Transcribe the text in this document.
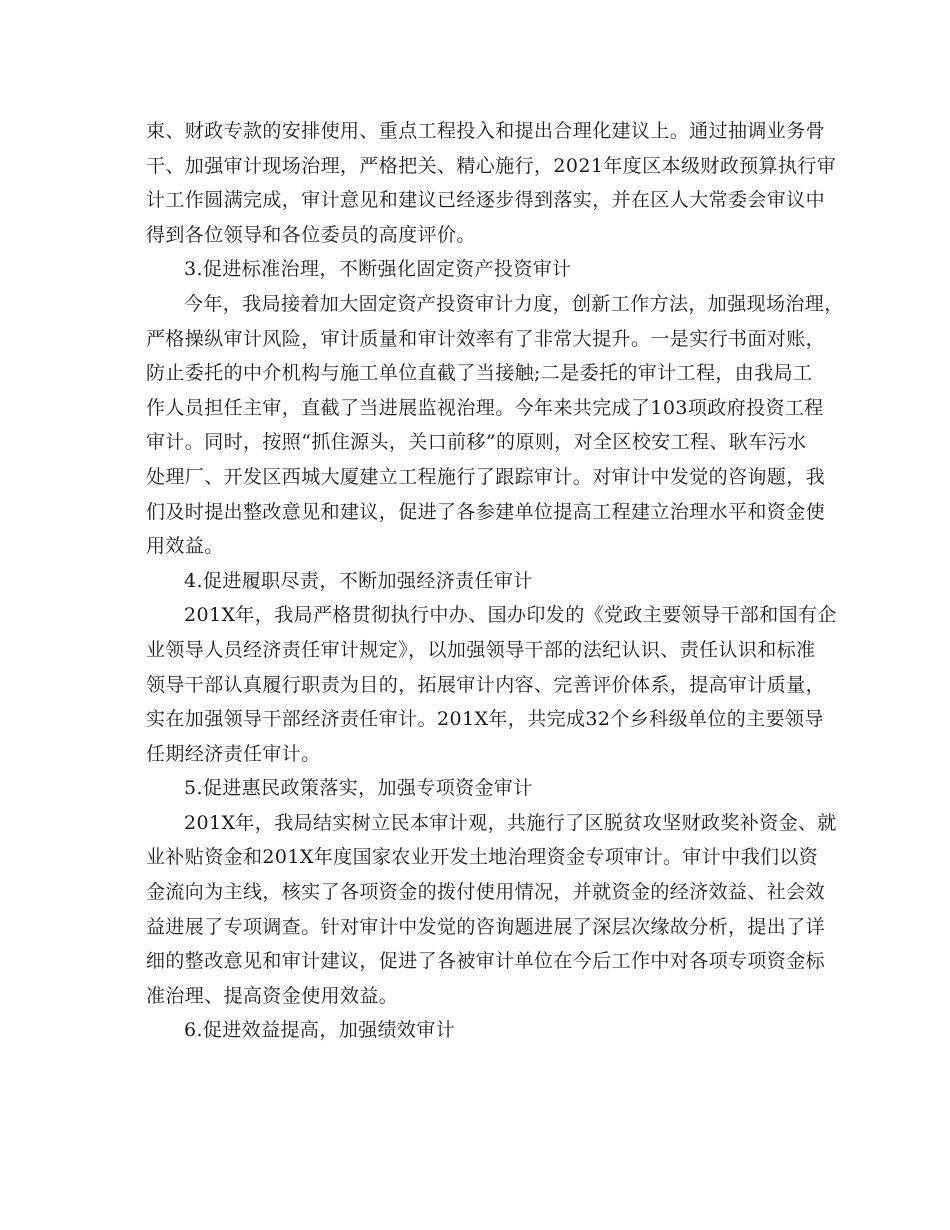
束、财政专款的安排使用、重点工程投入和提出合理化建议上。通过抽调业务骨
干、加强审计现场治理，严格把关、精心施行，2021年度区本级财政预算执行审
计工作圆满完成，审计意见和建议已经逐步得到落实，并在区人大常委会审议中
得到各位领导和各位委员的高度评价。
3.促进标准治理，不断强化固定资产投资审计
今年，我局接着加大固定资产投资审计力度，创新工作方法，加强现场治理，
严格操纵审计风险，审计质量和审计效率有了非常大提升。一是实行书面对账，
防止委托的中介机构与施工单位直截了当接触;二是委托的审计工程，由我局工
作人员担任主审，直截了当进展监视治理。今年来共完成了103项政府投资工程
审计。同时，按照“抓住源头，关口前移”的原则，对全区校安工程、耿车污水
处理厂、开发区西城大厦建立工程施行了跟踪审计。对审计中发觉的咨询题，我
们及时提出整改意见和建议，促进了各参建单位提高工程建立治理水平和资金使
用效益。
4.促进履职尽责，不断加强经济责任审计
201X年，我局严格贯彻执行中办、国办印发的《党政主要领导干部和国有企
业领导人员经济责任审计规定》，以加强领导干部的法纪认识、责任认识和标准
领导干部认真履行职责为目的，拓展审计内容、完善评价体系，提高审计质量，
实在加强领导干部经济责任审计。201X年，共完成32个乡科级单位的主要领导
任期经济责任审计。
5.促进惠民政策落实，加强专项资金审计
201X年，我局结实树立民本审计观，共施行了区脱贫攻坚财政奖补资金、就
业补贴资金和201X年度国家农业开发土地治理资金专项审计。审计中我们以资
金流向为主线，核实了各项资金的拨付使用情况，并就资金的经济效益、社会效
益进展了专项调查。针对审计中发觉的咨询题进展了深层次缘故分析，提出了详
细的整改意见和审计建议，促进了各被审计单位在今后工作中对各项专项资金标
准治理、提高资金使用效益。
6.促进效益提高，加强绩效审计
